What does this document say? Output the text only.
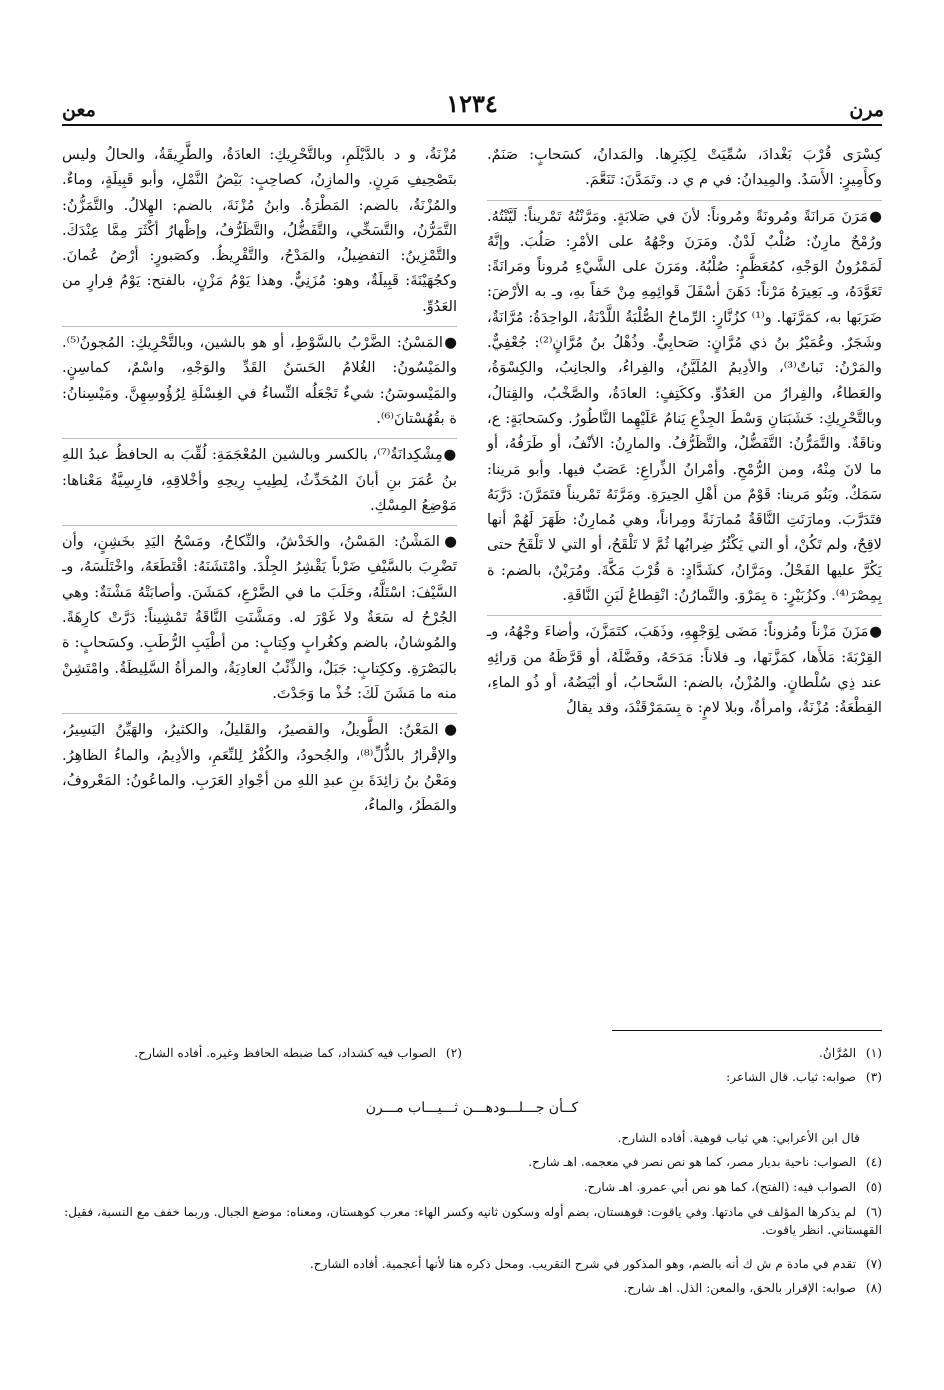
مرن
١٢٣٤
معن

كِسْرَى قُرْبَ بَغْدادَ، سُمِّيَتْ لِكِبَرِها. والمَدانُ، كسَحابٍ: صَنَمٌ. وكأَمِيرٍ: الأَسَدُ. والمِيدانُ: في م ي د. وتَمَدَّنَ: تَنَعَّمَ.

●مَرَنَ مَرانَةً ومُرونَةً ومُروناً: لأنَ في صَلابَةٍ. ومَرَّنْتُهُ تَمْريناً: لَيَّنْتُهُ. ورُمْحٌ مارِنٌ: صُلْبٌ لَدْنٌ. ومَرَنَ وجْهُهُ على الأمْرِ: صَلُبَ. وإنَّهُ لَمَمْرُونُ الوَجْهِ، كمُعَظَّمٍ: صُلْبُهُ. ومَرَنَ على الشَّيْءِ مُروناً ومَرانَةً: تَعَوَّدَهُ، وـ بَعِيرَهُ مَرْناً: دَهَنَ أسْفَلَ قَوائِمِهِ مِنْ حَفاً بهِ، وـ به الأرْضَ: ضَرَبَها به، كمَرَّنَها. و⁽¹⁾ كزُنَّارٍ: الرِّماحُ الصُّلْبَةُ اللَّدْنَةُ، الواحِدَةُ: مُرَّانَةٌ، وشَجَرٌ. وعُمَيْرُ بنُ ذي مُرَّانٍ: صَحابِيٌّ. وذُهْلُ بنُ مُرَّانٍ⁽²⁾: جُعْفِيٌّ. والمَرْنُ: نَباتٌ⁽³⁾، والأدِيمُ المُلَيَّنُ، والفِراءُ، والجانِبُ، والكِسْوَةُ، والعَطاءُ، والفِرارُ من العَدُوِّ. وككَتِفٍ: العادَةُ، والصَّخْبُ، والقِتالُ، وبالتَّحْرِيكِ: خَشَبَتانِ وَسْطَ الجِذْعِ يَنامُ عَلَيْهِما النَّاطُورُ. وكسَحابَةٍ: ع، وناقَةٌ. والتَّمَرُّنُ: التَّفَضُّلُ، والتَّظَرُّفُ. والمارِنُ: الأنْفُ، أو طَرَفُهُ، أو ما لانَ مِنْهُ، ومن الرُّمْحِ. وأمْرانُ الذِّراعِ: عَصَبٌ فيها. وأبو مَرينا: سَمَكٌ. وبَنُو مَرينا: قَوْمٌ من أهْلِ الحِيرَةِ. ومَرَّنَهُ تَمْريناً فتَمَرَّنَ: دَرَّبَهُ فتَدَرَّبَ. ومارَنَتِ النَّاقَةُ مُمارَنَةً ومِراناً، وهي مُمارِنٌ: ظَهَرَ لَهُمْ أنها لاقِحٌ، ولم تَكُنْ، أو التي يَكْثُرُ ضِرابُها ثُمَّ لا تَلْقَحُ، أو التي لا تَلْقَحُ حتى يَكُرَّ عليها الفَحْلُ. ومَرَّانُ، كشَدَّادٍ: ة قُرْبَ مَكَّةَ. ومُرَيْنٌ، بالضم: ة بِمِصْرَ⁽⁴⁾. وكزُبَيْرٍ: ة بِمَرْوَ. والتَّمارُنُ: انْقِطاعُ لَبَنِ النَّاقَةِ.

●مَزَنَ مَزْناً ومُزوناً: مَضَى لِوَجْهِهِ، وذَهَبَ، كتَمَزَّنَ، وأضاءَ وجْهُهُ، وـ القِرْبَةَ: مَلأَها، كمَزَّنَها، وـ فلاناً: مَدَحَهُ، وفَضَّلَهُ، أو قَرَّظَهُ من وَرائِهِ عند ذِي سُلْطانٍ. والمُزْنُ، بالضم: السَّحابُ، أو أبْيَضُهُ، أو ذُو الماءِ، القِطْعَةُ: مُزْنَةٌ، وامرأةٌ، وبلا لامٍ: ة بِسَمَرْقَنْدَ، وقد يقالُ

مُزْنَةُ، و د بالدَّيْلَمِ، وبالتَّحْرِيكِ: العادَةُ، والطَّرِيقَةُ، والحالُ وليس بتَصْحِيفِ مَرِنٍ. والمازِنُ، كصاحِبٍ: بَيْضُ النَّمْلِ، وأبو قَبِيلَةٍ، وماءٌ. والمُزْنَةُ، بالضم: المَطْرَةُ. وابنُ مُزْنَةَ، بالضم: الهِلالُ. والتَّمَزُّنُ: التَّمَرُّنُ، والتَّسَخِّي، والتَّفَضُّلُ، والتَّظَرُّفُ، وإظْهارُ أكْثَرَ مِمَّا عِنْدَكَ. والتَّمْزِينُ: التفضِيلُ، والمَدْحُ، والتَّقْرِيظُ. وكصَبورٍ: أرْضُ عُمانَ. وكجُهَيْنَةَ: قَبِيلَةٌ، وهو: مُزَنِيٌّ. وهذا يَوْمُ مَزْنٍ، بالفتح: يَوْمُ فِرارٍ من العَدُوِّ.

●المَسْنُ: الضَّرْبُ بالسَّوْطِ، أو هو بالشين، وبالتَّحْرِيكِ: المُجونُ⁽⁵⁾. والمَيْسُونُ: الغُلامُ الحَسَنُ القَدِّ والوَجْهِ، واسْمٌ، كماسِنٍ. والمَيْسوسَنُ: شيءٌ تَجْعَلُه النِّساءُ في الغِسْلَةِ لِرُؤُوسِهِنَّ. ومَيْسِنانُ: ة بقُهُسْتانَ⁽⁶⁾.

●مِشْكِدانَةُ⁽⁷⁾، بالكسر وبالشين المُعْجَمَةِ: لُقِّبَ به الحافظُ عبدُ اللهِ بنُ عُمَرَ بنِ أبانَ المُحَدِّثُ، لِطِيبِ رِيحِهِ وأخْلاقِهِ، فارِسِيَّةٌ مَعْناها: مَوْضِعُ المِسْكِ.

●المَشْنُ: المَسْنُ، والخَدْشُ، والنِّكاحُ، ومَسْحُ اليَدِ بخَشِنٍ، وأن تَضْرِبَ بالسَّيْفِ ضَرْباً يَقْشِرُ الجِلْدَ. وامْتَشَنَهُ: اقْتَطَعَهُ، واخْتَلَسَهُ، وـ السَّيْفَ: اسْتَلَّهُ، وحَلَبَ ما في الضَّرْعِ، كمَشَنَ. وأصابَتْهُ مَشْنَةٌ: وهي الجُرْحُ له سَعَةٌ ولا غَوْرَ له. ومَشَّنَتِ النَّاقَةُ تَمْشِيناً: دَرَّتْ كارِهَةً. والمُوشانُ، بالضم وكغُرابٍ وكِتابٍ: من أطْيَبِ الرُّطَبِ. وكسَحابٍ: ة بالبَصْرَةِ. وككِتابٍ: جَبَلٌ، والذِّئْبُ العادِيَةُ، والمرأةُ السَّلِيطَةُ. وامْتَشِنْ منه ما مَشَنَ لَكَ: خُذْ ما وَجَدْتَ.

●المَعْنُ: الطَّويلُ، والقصيرُ، والقَليلُ، والكثيرُ، والهَيِّنُ اليَسِيرُ، والإقْرارُ بالذُّلِّ⁽⁸⁾، والجُحودُ، والكُفْرُ لِلنِّعَمِ، والأدِيمُ، والماءُ الظاهِرُ. ومَعْنُ بنُ زائِدَةَ بنِ عبدِ اللهِ من أجْوادِ العَرَبِ. والماعُونُ: المَعْروفُ، والمَطَرُ، والماءُ،

(١) المُرَّانُ.
(٣) صوابه: ثياب. قال الشاعر:
(٢) الصواب فيه كشداد، كما ضبطه الحافظ وغيره. أفاده الشارح.
كــأن جـــلـــودهـــن ثـــيـــاب مـــرن
قال ابن الأعرابي: هي ثياب قوهية. أفاده الشارح.
(٤) الصواب: ناحية بديار مصر، كما هو نص نصر في معجمه. اهـ شارح.
(٥) الصواب فيه: (الفتح)، كما هو نص أبي عمرو. اهـ شارح.
(٦) لم يذكرها المؤلف في مادتها. وفي ياقوت: قوهستان، بضم أوله وسكون ثانيه وكسر الهاء: معرب كوهستان، ومعناه: موضع الجبال. وربما خفف مع النسبة، فقيل: القهستاني. انظر ياقوت.
(٧) تقدم في مادة م ش ك أنه بالضم، وهو المذكور في شرح التقريب. ومحل ذكره هنا لأنها أعجمية. أفاده الشارح.
(٨) صوابه: الإقرار بالحق، والمعن: الذل. اهـ شارح.
